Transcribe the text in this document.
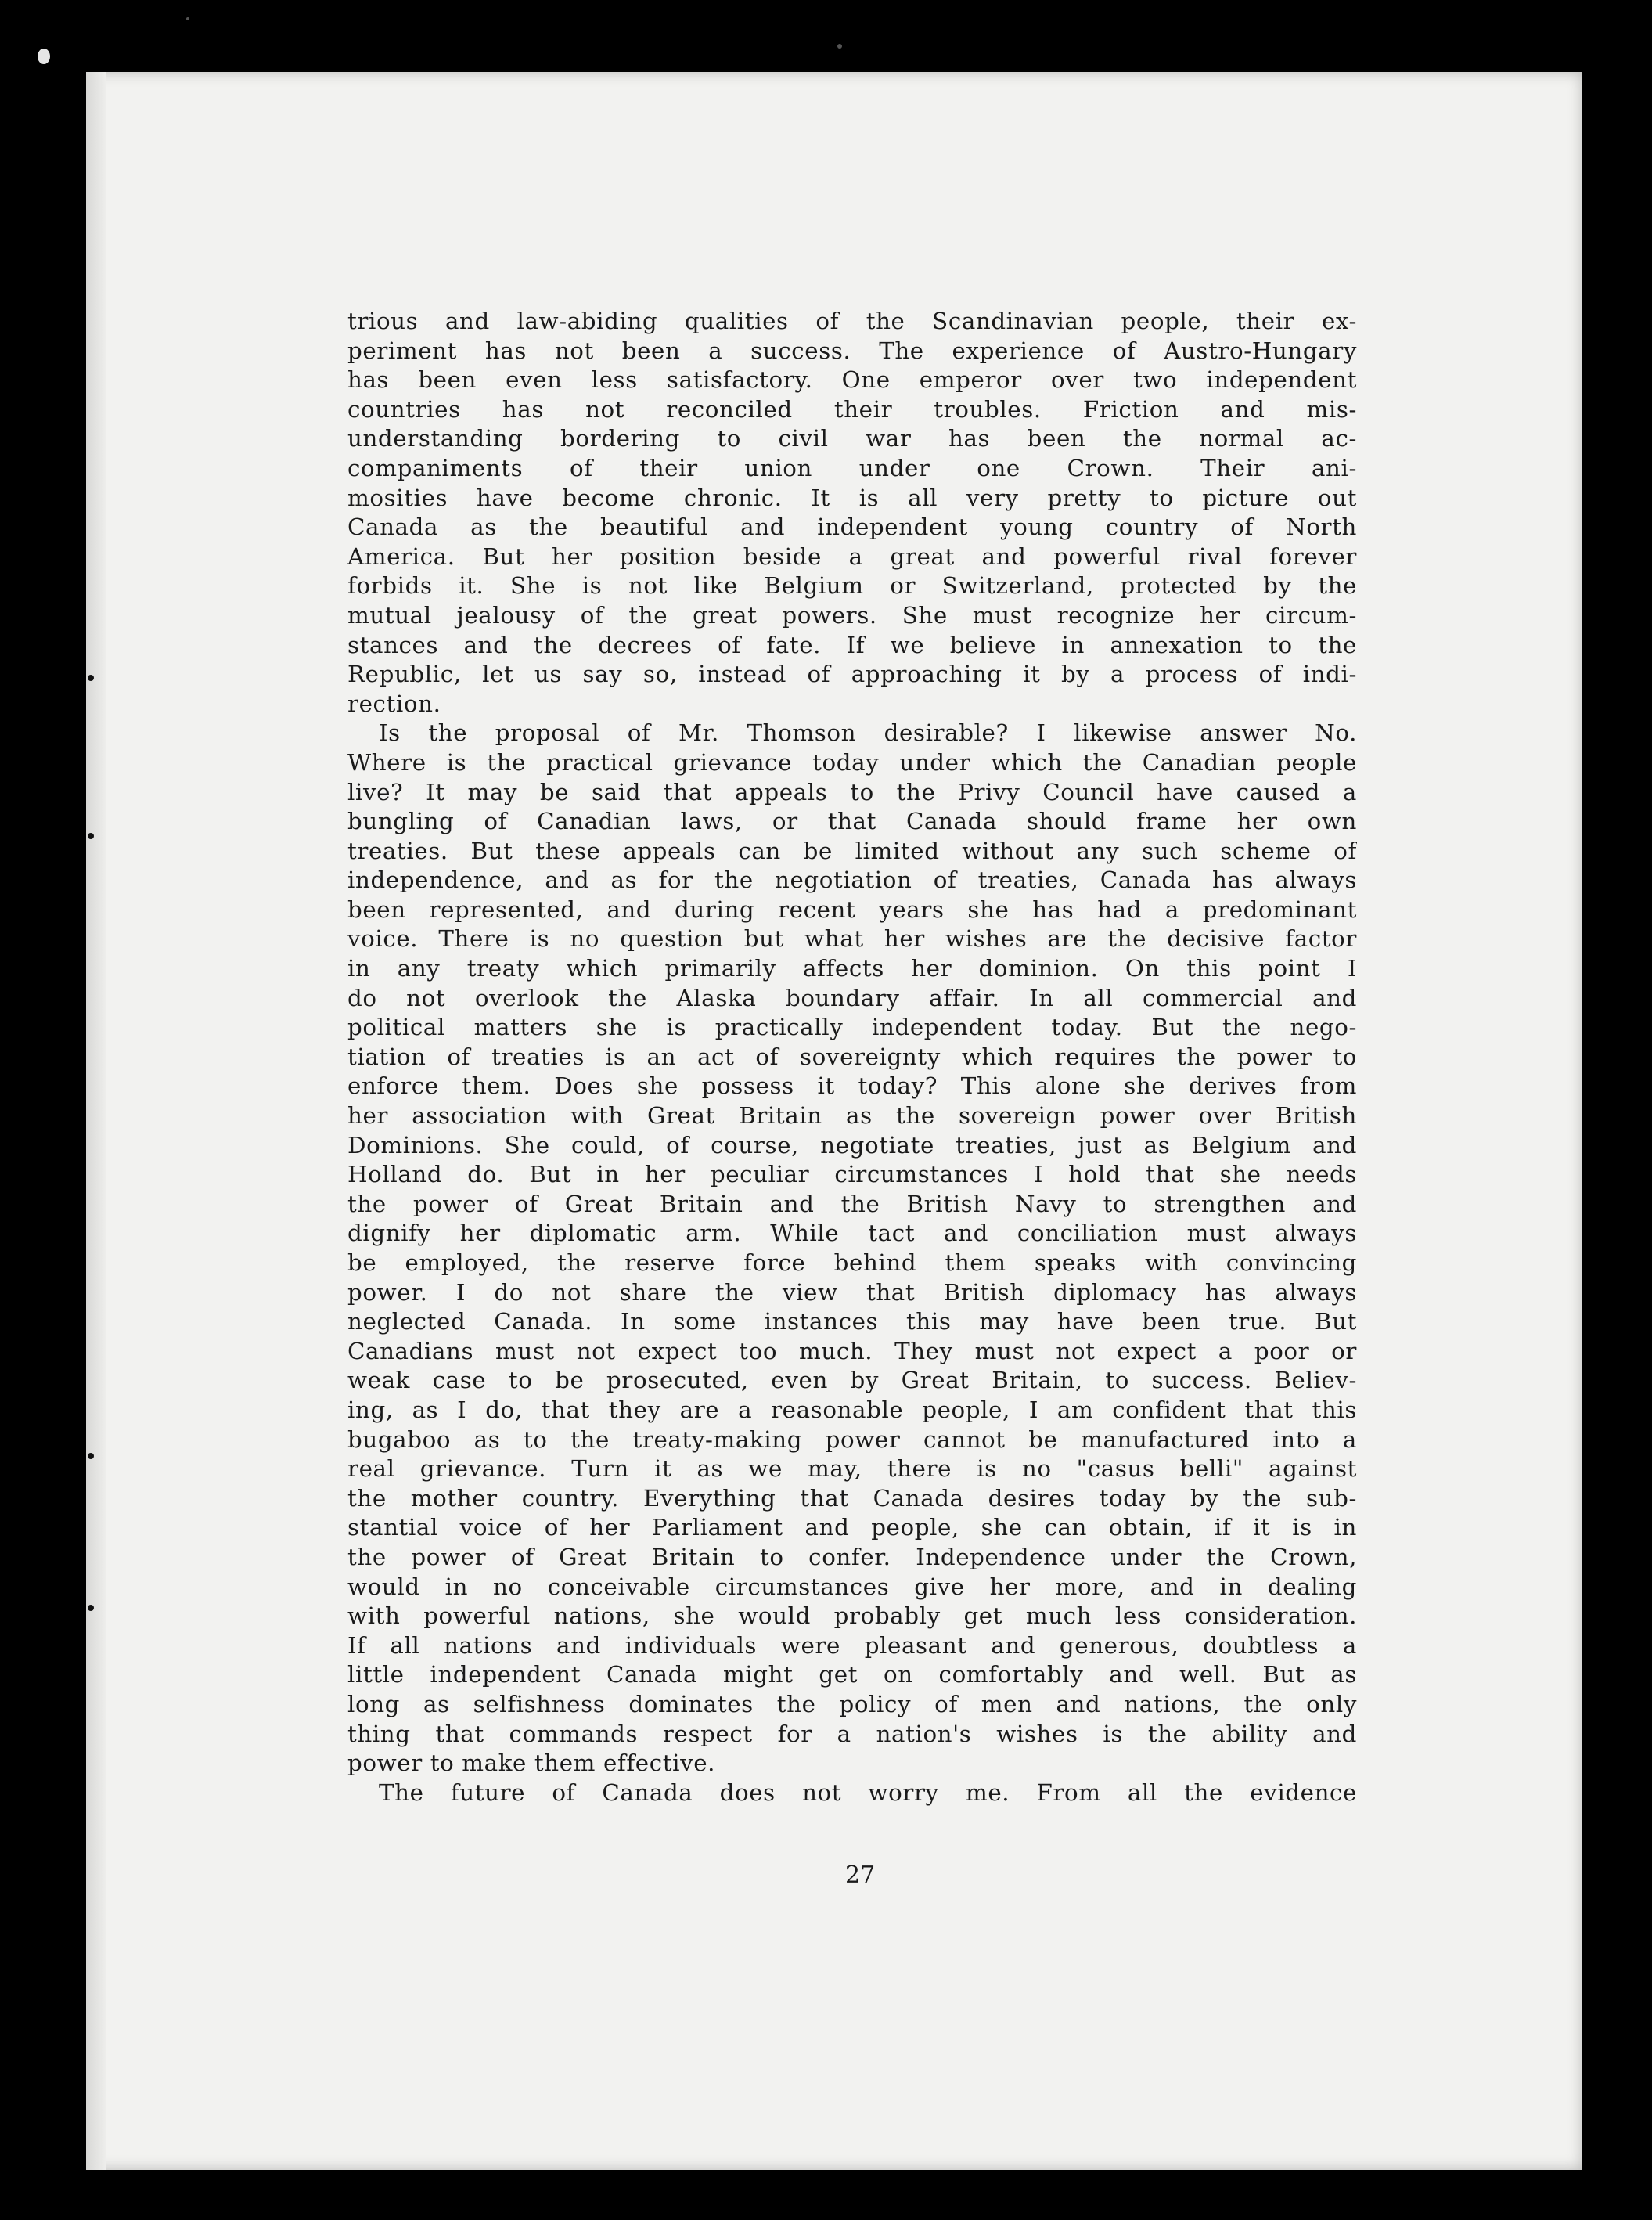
trious and law-abiding qualities of the Scandinavian people, their ex-
periment has not been a success. The experience of Austro-Hungary
has been even less satisfactory. One emperor over two independent
countries has not reconciled their troubles. Friction and mis-
understanding bordering to civil war has been the normal ac-
companiments of their union under one Crown. Their ani-
mosities have become chronic. It is all very pretty to picture out
Canada as the beautiful and independent young country of North
America. But her position beside a great and powerful rival forever
forbids it. She is not like Belgium or Switzerland, protected by the
mutual jealousy of the great powers. She must recognize her circum-
stances and the decrees of fate. If we believe in annexation to the
Republic, let us say so, instead of approaching it by a process of indi-
rection.
Is the proposal of Mr. Thomson desirable? I likewise answer No.
Where is the practical grievance today under which the Canadian people
live? It may be said that appeals to the Privy Council have caused a
bungling of Canadian laws, or that Canada should frame her own
treaties. But these appeals can be limited without any such scheme of
independence, and as for the negotiation of treaties, Canada has always
been represented, and during recent years she has had a predominant
voice. There is no question but what her wishes are the decisive factor
in any treaty which primarily affects her dominion. On this point I
do not overlook the Alaska boundary affair. In all commercial and
political matters she is practically independent today. But the nego-
tiation of treaties is an act of sovereignty which requires the power to
enforce them. Does she possess it today? This alone she derives from
her association with Great Britain as the sovereign power over British
Dominions. She could, of course, negotiate treaties, just as Belgium and
Holland do. But in her peculiar circumstances I hold that she needs
the power of Great Britain and the British Navy to strengthen and
dignify her diplomatic arm. While tact and conciliation must always
be employed, the reserve force behind them speaks with convincing
power. I do not share the view that British diplomacy has always
neglected Canada. In some instances this may have been true. But
Canadians must not expect too much. They must not expect a poor or
weak case to be prosecuted, even by Great Britain, to success. Believ-
ing, as I do, that they are a reasonable people, I am confident that this
bugaboo as to the treaty-making power cannot be manufactured into a
real grievance. Turn it as we may, there is no "casus belli" against
the mother country. Everything that Canada desires today by the sub-
stantial voice of her Parliament and people, she can obtain, if it is in
the power of Great Britain to confer. Independence under the Crown,
would in no conceivable circumstances give her more, and in dealing
with powerful nations, she would probably get much less consideration.
If all nations and individuals were pleasant and generous, doubtless a
little independent Canada might get on comfortably and well. But as
long as selfishness dominates the policy of men and nations, the only
thing that commands respect for a nation's wishes is the ability and
power to make them effective.
The future of Canada does not worry me. From all the evidence
27
